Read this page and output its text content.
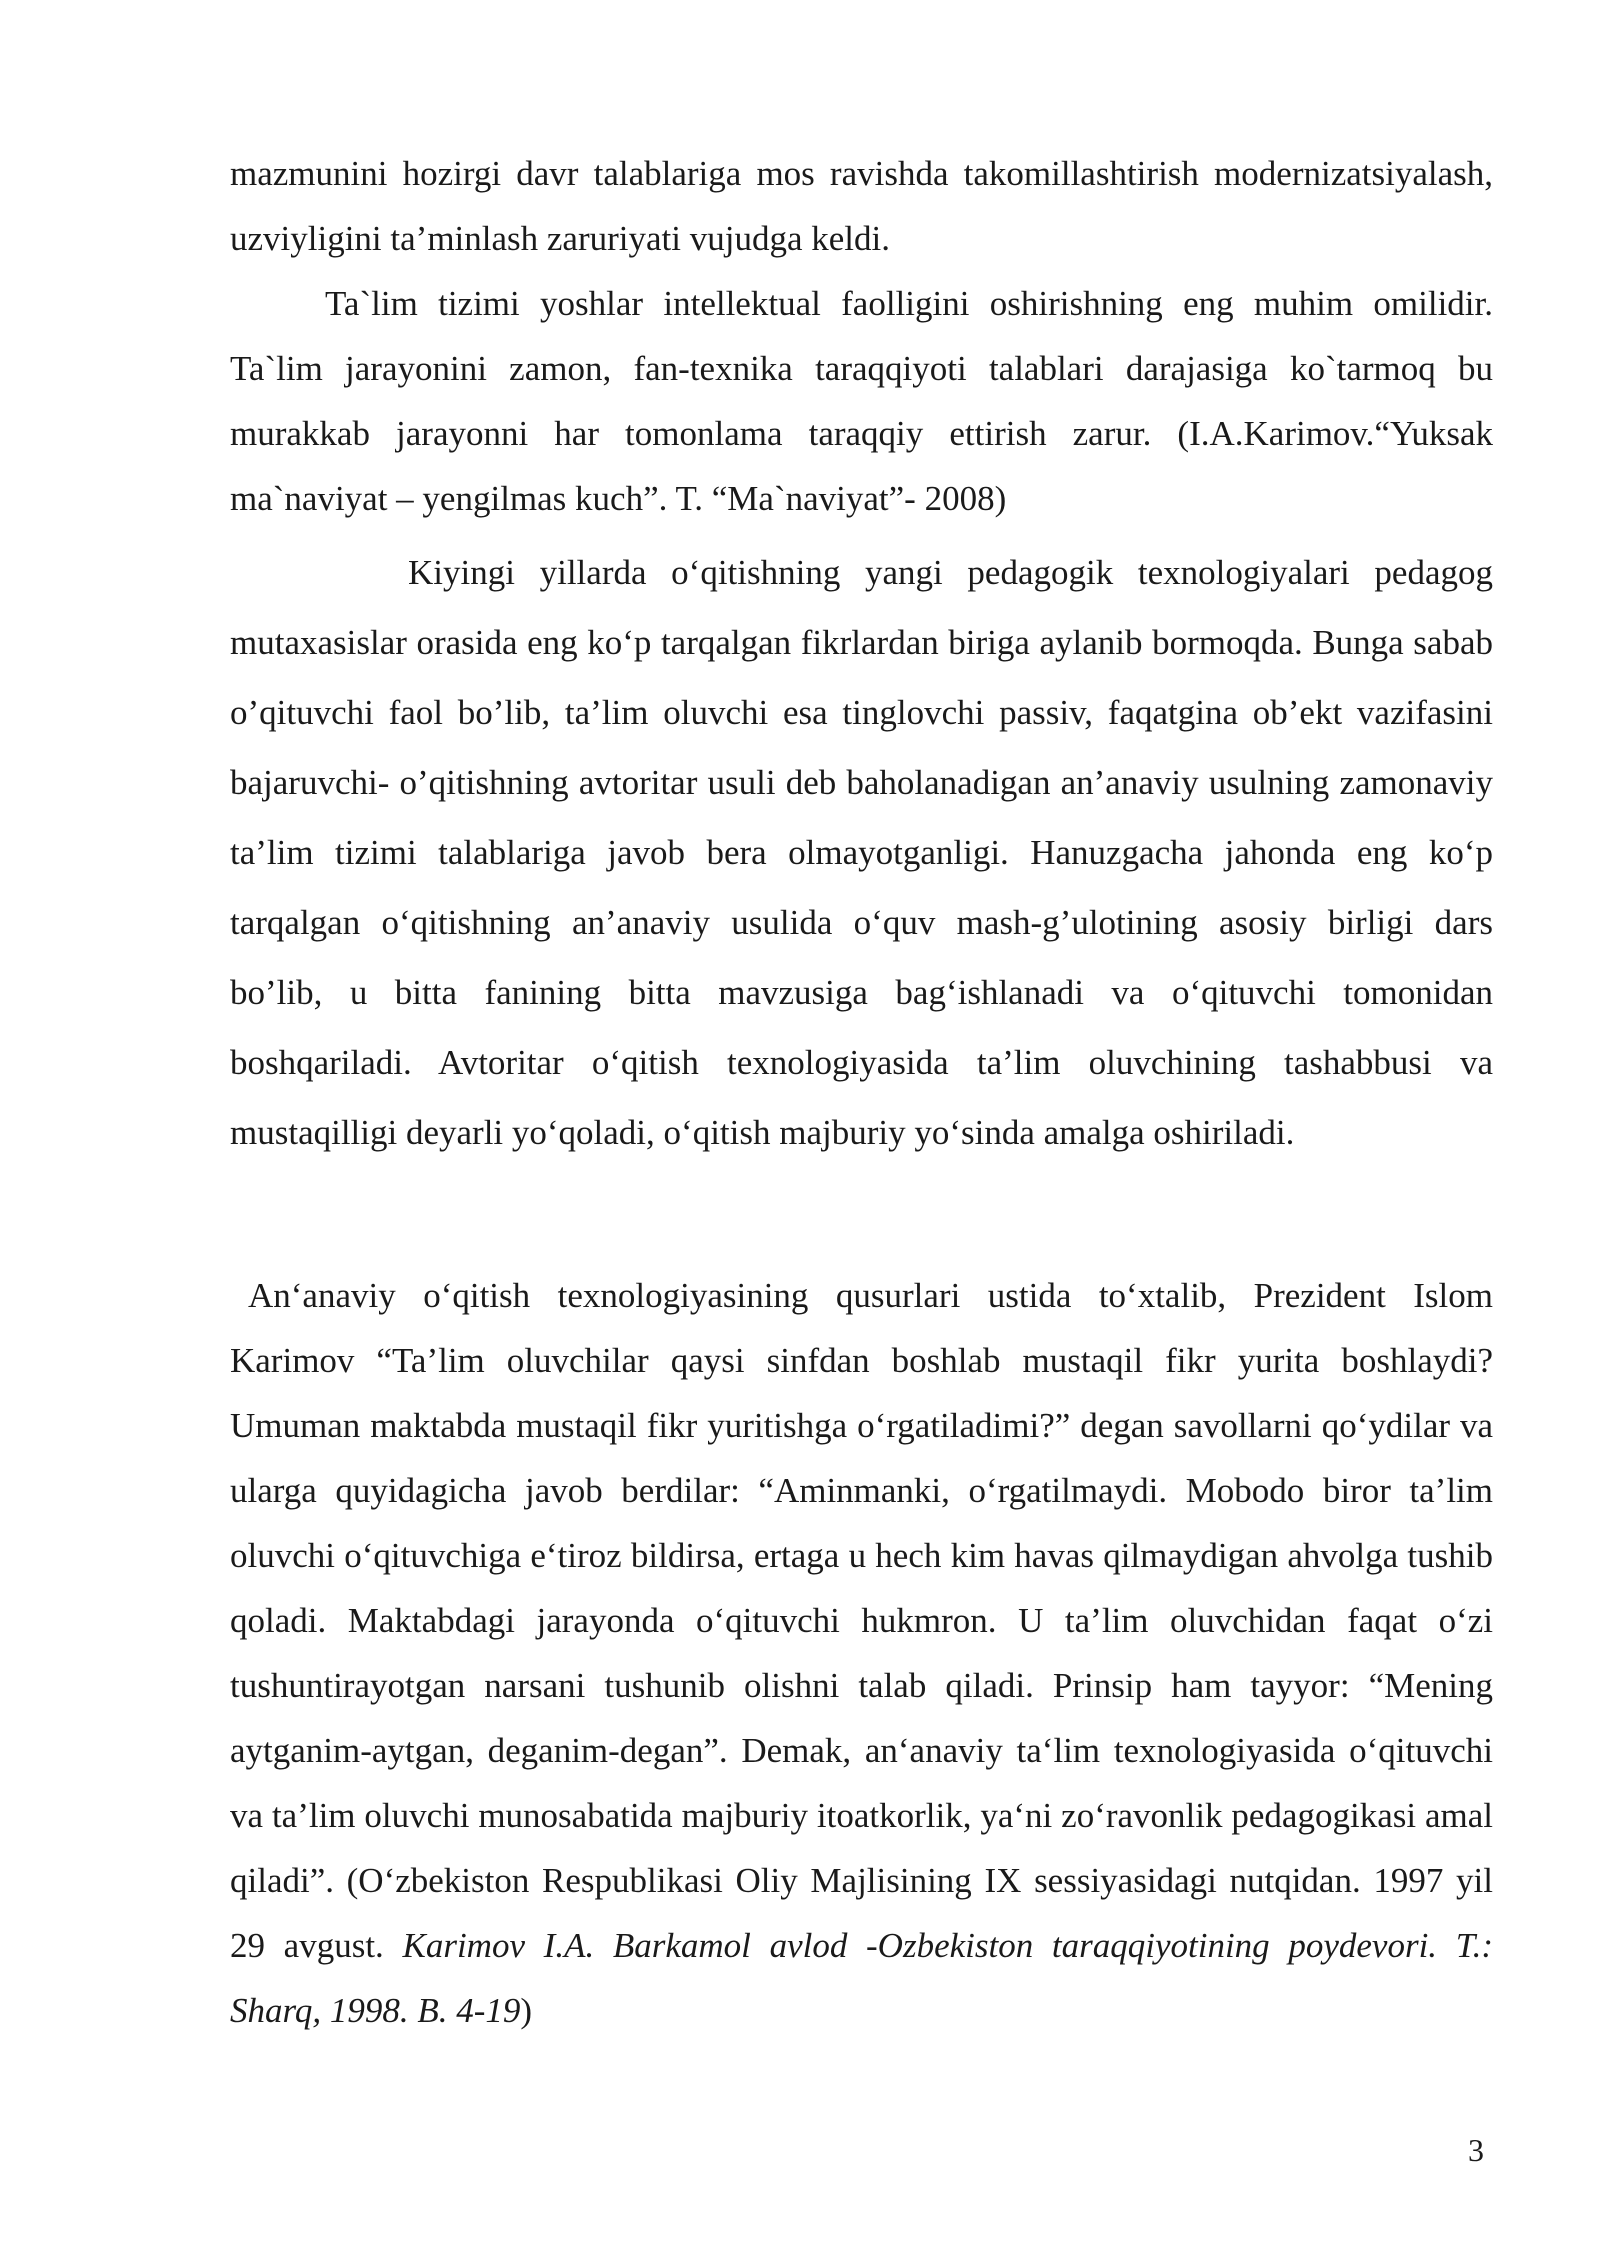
mazmunini hozirgi davr talablariga mos ravishda takomillashtirish modernizatsiyalash, uzviyligini ta’minlash zaruriyati vujudga keldi.

Ta`lim tizimi yoshlar intellektual faolligini oshirishning eng muhim omilidir. Ta`lim jarayonini zamon, fan-texnika taraqqiyoti talablari darajasiga ko`tarmoq bu murakkab jarayonni har tomonlama taraqqiy ettirish zarur. (I.A.Karimov.“Yuksak ma`naviyat – yengilmas kuch”. T. “Ma`naviyat”- 2008)

Kiyingi yillarda oʻqitishning yangi pedagogik texnologiyalari pedagog mutaxasislar orasida eng koʻp tarqalgan fikrlardan biriga aylanib bormoqda. Bunga sabab o’qituvchi faol bo’lib, ta’lim oluvchi esa tinglovchi passiv, faqatgina ob’ekt vazifasini bajaruvchi- o’qitishning avtoritar usuli deb baholanadigan an’anaviy usulning zamonaviy ta’lim tizimi talablariga javob bera olmayotganligi. Hanuzgacha jahonda eng koʻp tarqalgan oʻqitishning an’anaviy usulida oʻquv mash-g’ulotining asosiy birligi dars bo’lib, u bitta fanining bitta mavzusiga bagʻishlanadi va oʻqituvchi tomonidan boshqariladi. Avtoritar oʻqitish texnologiyasida ta’lim oluvchining tashabbusi va mustaqilligi deyarli yoʻqoladi, oʻqitish majburiy yoʻsinda amalga oshiriladi.

Anʻanaviy oʻqitish texnologiyasining qusurlari ustida toʻxtalib, Prezident Islom Karimov “Ta’lim oluvchilar qaysi sinfdan boshlab mustaqil fikr yurita boshlaydi? Umuman maktabda mustaqil fikr yuritishga oʻrgatiladimi?” degan savollarni qoʻydilar va ularga quyidagicha javob berdilar: “Aminmanki, oʻrgatilmaydi. Mobodo biror ta’lim oluvchi oʻqituvchiga eʻtiroz bildirsa, ertaga u hech kim havas qilmaydigan ahvolga tushib qoladi. Maktabdagi jarayonda oʻqituvchi hukmron. U ta’lim oluvchidan faqat oʻzi tushuntirayotgan narsani tushunib olishni talab qiladi. Prinsip ham tayyor: “Mening aytganim-aytgan, deganim-degan”. Demak, anʻanaviy taʻlim texnologiyasida oʻqituvchi va ta’lim oluvchi munosabatida majburiy itoatkorlik, yaʻni zoʻravonlik pedagogikasi amal qiladi”. (Oʻzbekiston Respublikasi Oliy Majlisining IX sessiyasidagi nutqidan. 1997 yil 29 avgust. Karimov I.A. Barkamol avlod -Ozbekiston taraqqiyotining poydevori. T.: Sharq, 1998. B. 4-19)

3
